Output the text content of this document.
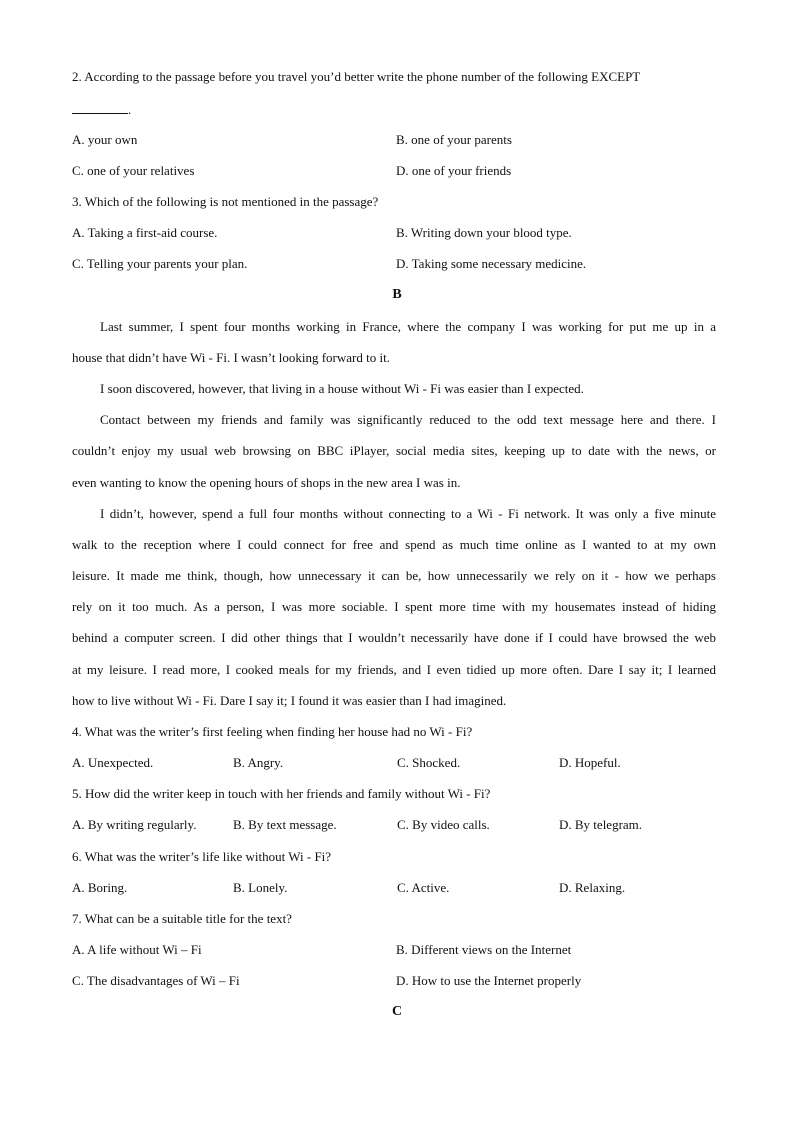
2. According to the passage before you travel you’d better write the phone number of the following EXCEPT
.
A. your own	B. one of your parents
C. one of your relatives	D. one of your friends
3. Which of the following is not mentioned in the passage?
A. Taking a first-aid course.	B. Writing down your blood type.
C. Telling your parents your plan.	D. Taking some necessary medicine.
B
Last summer, I spent four months working in France, where the company I was working for put me up in a
house that didn’t have Wi - Fi. I wasn’t looking forward to it.
I soon discovered, however, that living in a house without Wi - Fi was easier than I expected.
Contact between my friends and family was significantly reduced to the odd text message here and there. I
couldn’t enjoy my usual web browsing on BBC iPlayer, social media sites, keeping up to date with the news, or
even wanting to know the opening hours of shops in the new area I was in.
I didn’t, however, spend a full four months without connecting to a Wi - Fi network. It was only a five minute
walk to the reception where I could connect for free and spend as much time online as I wanted to at my own
leisure. It made me think, though, how unnecessary it can be, how unnecessarily we rely on it - how we perhaps
rely on it too much. As a person, I was more sociable. I spent more time with my housemates instead of hiding
behind a computer screen. I did other things that I wouldn’t necessarily have done if I could have browsed the web
at my leisure. I read more, I cooked meals for my friends, and I even tidied up more often. Dare I say it; I learned
how to live without Wi - Fi. Dare I say it; I found it was easier than I had imagined.
4. What was the writer’s first feeling when finding her house had no Wi - Fi?
A. Unexpected.	B. Angry.	C. Shocked.	D. Hopeful.
5. How did the writer keep in touch with her friends and family without Wi - Fi?
A. By writing regularly.	B. By text message.	C. By video calls.	D. By telegram.
6. What was the writer’s life like without Wi - Fi?
A. Boring.	B. Lonely.	C. Active.	D. Relaxing.
7. What can be a suitable title for the text?
A. A life without Wi – Fi	B. Different views on the Internet
C. The disadvantages of Wi – Fi	D. How to use the Internet properly
C
